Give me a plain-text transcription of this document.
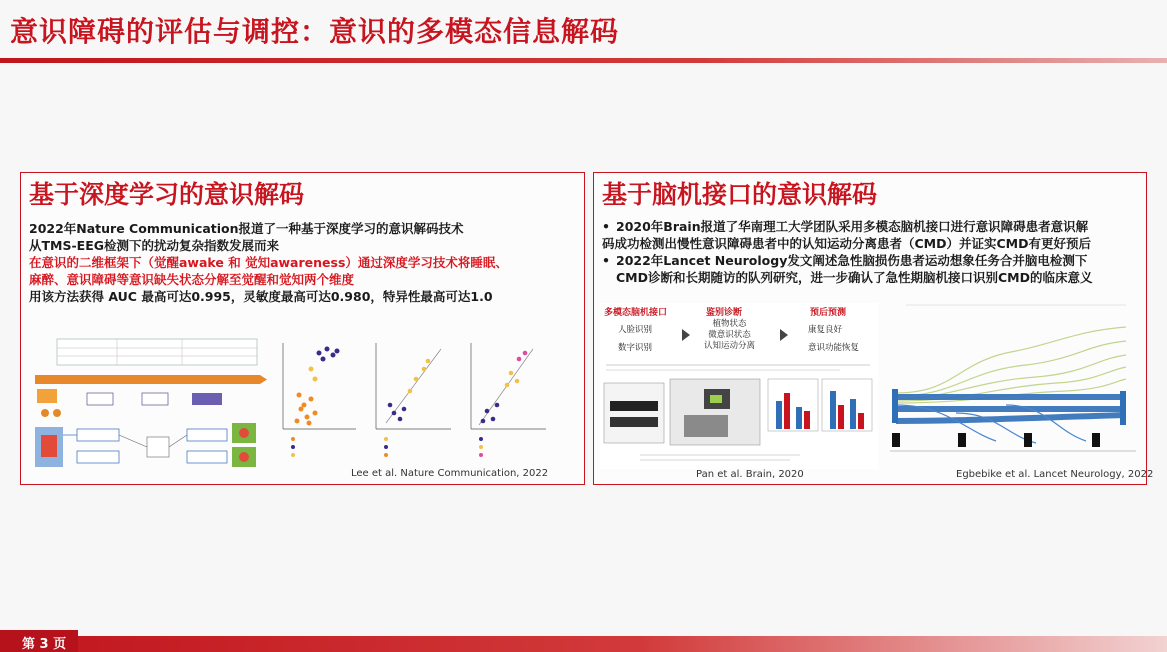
意识障碍的评估与调控：意识的多模态信息解码
基于深度学习的意识解码
2022年Nature Communication报道了一种基于深度学习的意识解码技术
从TMS-EEG检测下的扰动复杂指数发展而来
在意识的二维框架下（觉醒awake 和 觉知awareness）通过深度学习技术将睡眠、
麻醉、意识障碍等意识缺失状态分解至觉醒和觉知两个维度
用该方法获得 AUC 最高可达0.995，灵敏度最高可达0.980，特异性最高可达1.0
Lee et al. Nature Communication, 2022
基于脑机接口的意识解码
• 2020年Brain报道了华南理工大学团队采用多模态脑机接口进行意识障碍患者意识解
码成功检测出慢性意识障碍患者中的认知运动分离患者（CMD）并证实CMD有更好预后
• 2022年Lancet Neurology发文阐述急性脑损伤患者运动想象任务合并脑电检测下
CMD诊断和长期随访的队列研究，进一步确认了急性期脑机接口识别CMD的临床意义
多模态脑机接口
人脸识别
数字识别
鉴别诊断
植物状态
微意识状态
认知运动分离
预后预测
康复良好
意识功能恢复
Pan et al. Brain, 2020	Egbebike et al. Lancet Neurology, 2022
第 3 页
